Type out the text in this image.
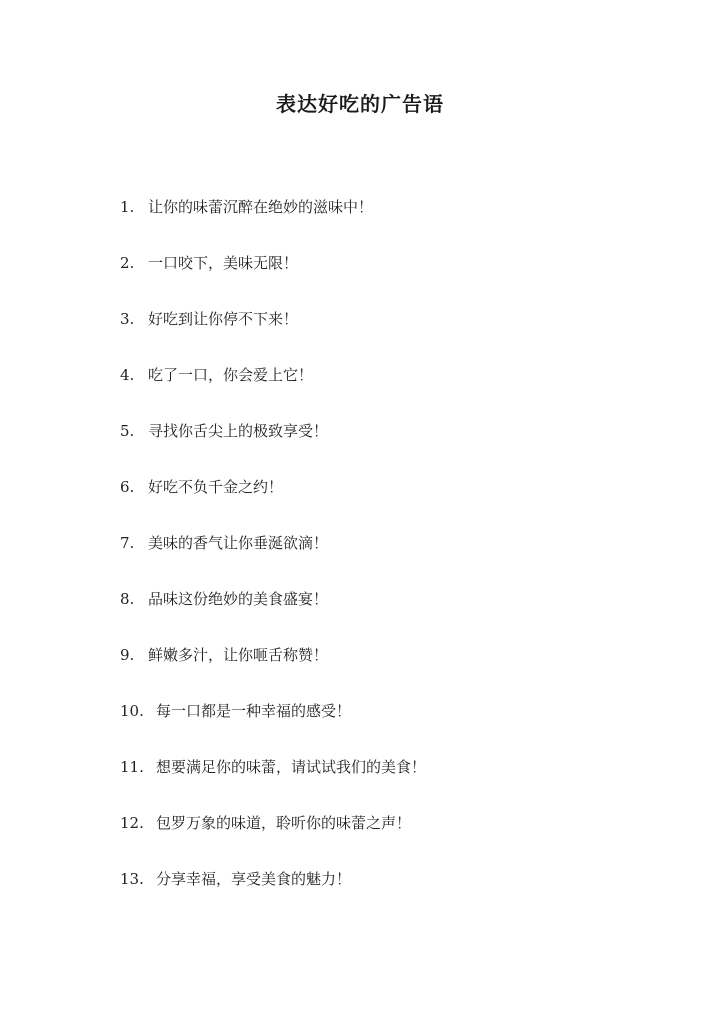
表达好吃的广告语
1. 让你的味蕾沉醉在绝妙的滋味中！
2. 一口咬下，美味无限！
3. 好吃到让你停不下来！
4. 吃了一口，你会爱上它！
5. 寻找你舌尖上的极致享受！
6. 好吃不负千金之约！
7. 美味的香气让你垂涎欲滴！
8. 品味这份绝妙的美食盛宴！
9. 鲜嫩多汁，让你咂舌称赞！
10. 每一口都是一种幸福的感受！
11. 想要满足你的味蕾，请试试我们的美食！
12. 包罗万象的味道，聆听你的味蕾之声！
13. 分享幸福，享受美食的魅力！
